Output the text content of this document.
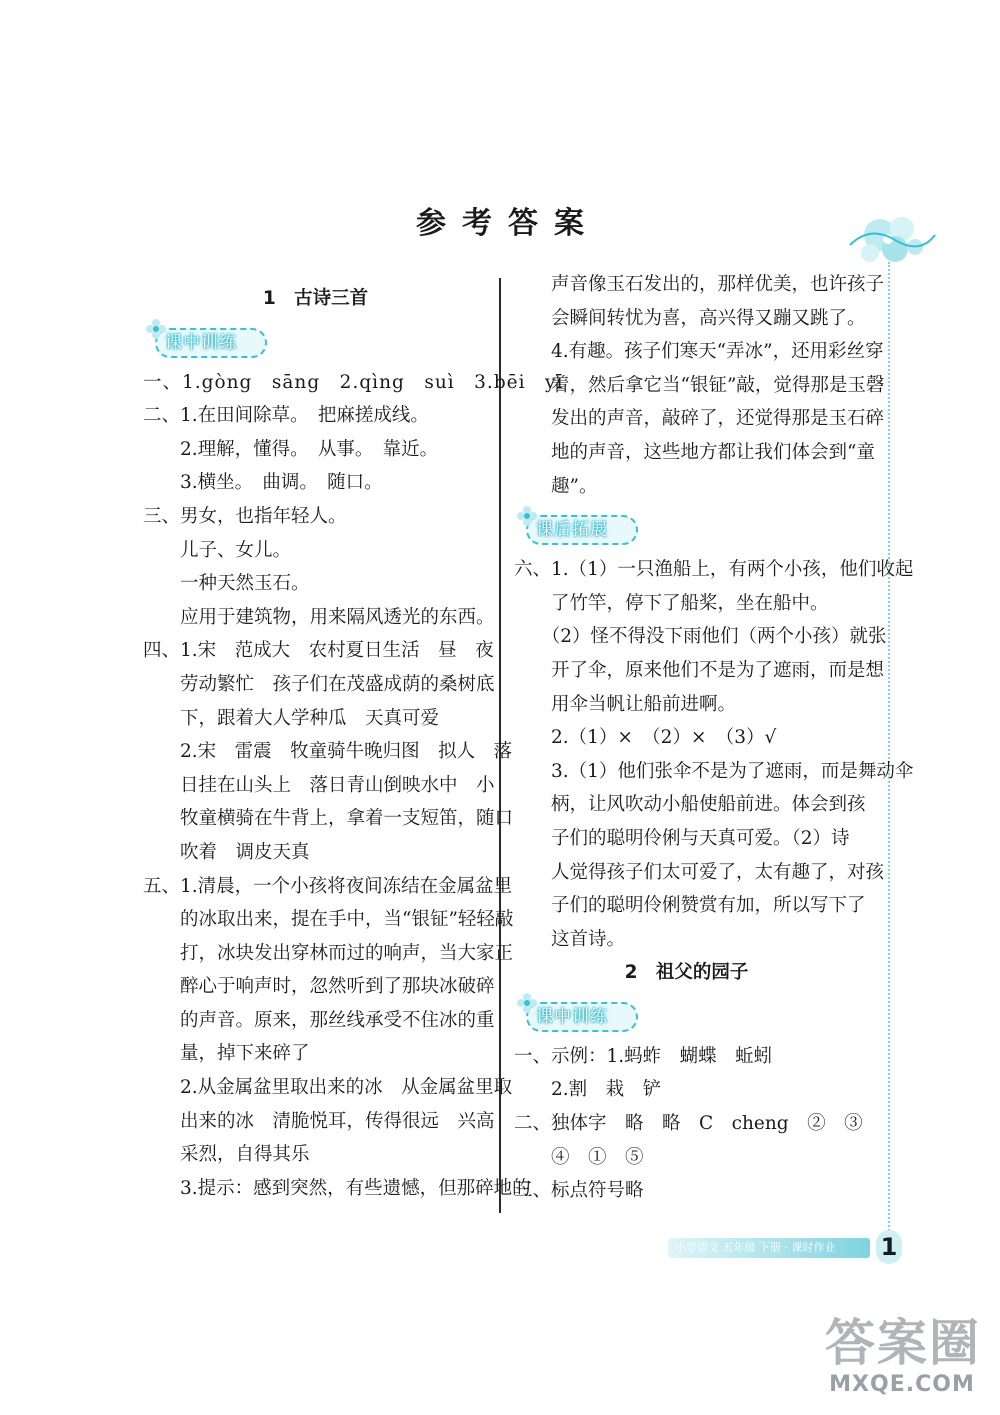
参考答案
1　古诗三首
课中训练
一、1.gòng　sāng　2.qìng　suì　3.bēi　yī
二、1.在田间除草。　把麻搓成线。
　　2.理解，懂得。　从事。　靠近。
　　3.横坐。　曲调。　随口。
三、男女，也指年轻人。
　　儿子、女儿。
　　一种天然玉石。
　　应用于建筑物，用来隔风透光的东西。
四、1.宋　范成大　农村夏日生活　昼　夜
　　劳动繁忙　孩子们在茂盛成荫的桑树底
　　下，跟着大人学种瓜　天真可爱
　　2.宋　雷震　牧童骑牛晚归图　拟人　落
　　日挂在山头上　落日青山倒映水中　小
　　牧童横骑在牛背上，拿着一支短笛，随口
　　吹着　调皮天真
五、1.清晨，一个小孩将夜间冻结在金属盆里
　　的冰取出来，提在手中，当“银钲”轻轻敲
　　打，冰块发出穿林而过的响声，当大家正
　　醉心于响声时，忽然听到了那块冰破碎
　　的声音。原来，那丝线承受不住冰的重
　　量，掉下来碎了
　　2.从金属盆里取出来的冰　从金属盆里取
　　出来的冰　清脆悦耳，传得很远　兴高
　　采烈，自得其乐
　　3.提示：感到突然，有些遗憾，但那碎地的
　　声音像玉石发出的，那样优美，也许孩子
　　会瞬间转忧为喜，高兴得又蹦又跳了。
　　4.有趣。孩子们寒天“弄冰”，还用彩丝穿
　　着，然后拿它当“银钲”敲，觉得那是玉磬
　　发出的声音，敲碎了，还觉得那是玉石碎
　　地的声音，这些地方都让我们体会到“童
　　趣”。
课后拓展
六、1.（1）一只渔船上，有两个小孩，他们收起
　　了竹竿，停下了船桨，坐在船中。
　　（2）怪不得没下雨他们（两个小孩）就张
　　开了伞，原来他们不是为了遮雨，而是想
　　用伞当帆让船前进啊。
　　2.（1）×　（2）×　（3）√
　　3.（1）他们张伞不是为了遮雨，而是舞动伞
　　柄，让风吹动小船使船前进。体会到孩
　　子们的聪明伶俐与天真可爱。（2）诗
　　人觉得孩子们太可爱了，太有趣了，对孩
　　子们的聪明伶俐赞赏有加，所以写下了
　　这首诗。
2　祖父的园子
课中训练
一、示例：1.蚂蚱　蝴蝶　蚯蚓
　　2.割　栽　铲
二、独体字　略　略　C　cheng　②　③
　　④　①　⑤
三、标点符号略
小学语文 五年级 下册 · 课时作业	1
答案圈
MXQE.COM
